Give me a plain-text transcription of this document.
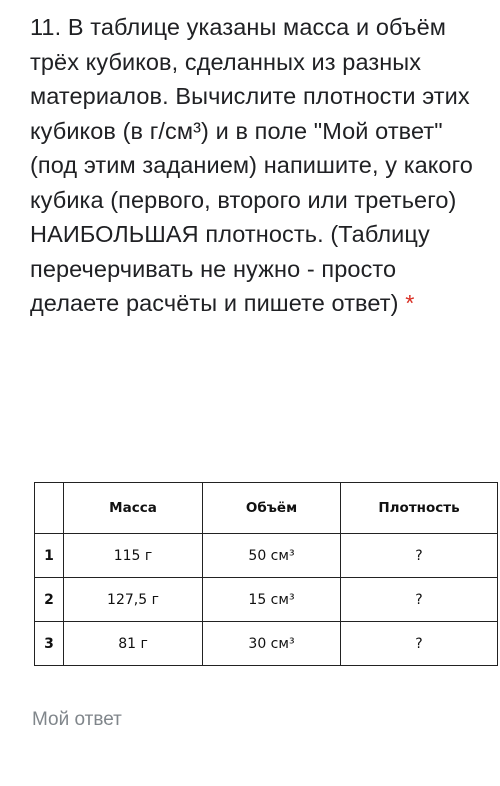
11. В таблице указаны масса и объём трёх кубиков, сделанных из разных материалов. Вычислите плотности этих кубиков (в г/см³) и в поле "Мой ответ" (под этим заданием) напишите, у какого кубика (первого, второго или третьего) НАИБОЛЬШАЯ плотность. (Таблицу перечерчивать не нужно - просто делаете расчёты и пишете ответ) *
	Масса	Объём	Плотность
1	115 г	50 см³	?
2	127,5 г	15 см³	?
3	81 г	30 см³	?
Мой ответ
